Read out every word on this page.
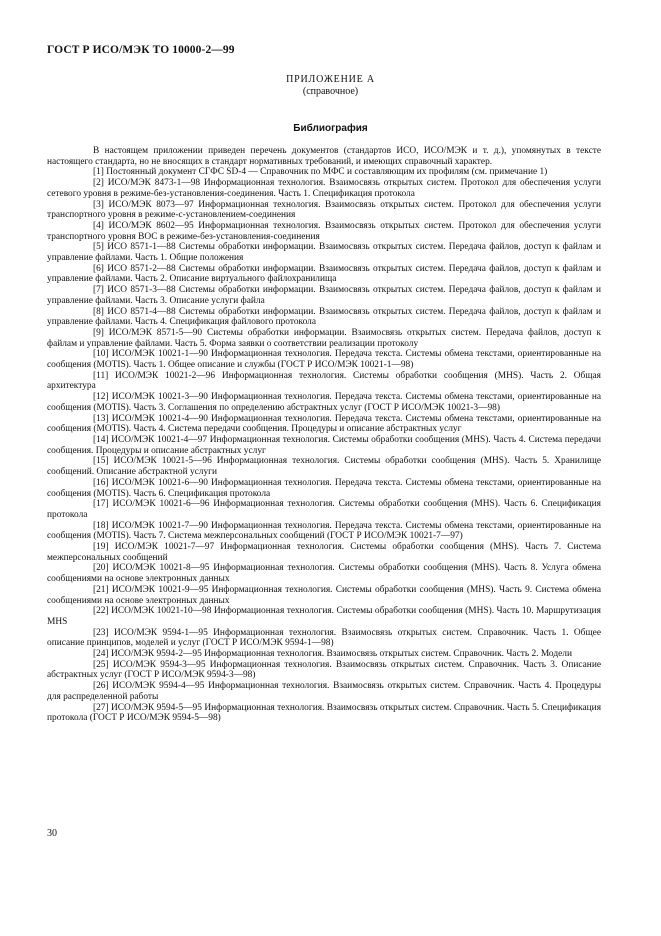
ГОСТ Р ИСО/МЭК ТО 10000-2—99
ПРИЛОЖЕНИЕ А
(справочное)
Библиография

В настоящем приложении приведен перечень документов (стандартов ИСО, ИСО/МЭК и т. д.), упомянутых в тексте настоящего стандарта, но не вносящих в стандарт нормативных требований, и имеющих справочный характер.

[1] Постоянный документ СГФС SD-4 — Справочник по МФС и составляющим их профилям (см. примечание 1)

[2] ИСО/МЭК 8473-1—98 Информационная технология. Взаимосвязь открытых систем. Протокол для обеспечения услуги сетевого уровня в режиме-без-установления-соединения. Часть 1. Спецификация протокола

[3] ИСО/МЭК 8073—97 Информационная технология. Взаимосвязь открытых систем. Протокол для обеспечения услуги транспортного уровня в режиме-с-установлением-соединения

[4] ИСО/МЭК 8602—95 Информационная технология. Взаимосвязь открытых систем. Протокол для обеспечения услуги транспортного уровня ВОС в режиме-без-установления-соединения

[5] ИСО 8571-1—88 Системы обработки информации. Взаимосвязь открытых систем. Передача файлов, доступ к файлам и управление файлами. Часть 1. Общие положения

[6] ИСО 8571-2—88 Системы обработки информации. Взаимосвязь открытых систем. Передача файлов, доступ к файлам и управление файлами. Часть 2. Описание виртуального файлохранилища

[7] ИСО 8571-3—88 Системы обработки информации. Взаимосвязь открытых систем. Передача файлов, доступ к файлам и управление файлами. Часть 3. Описание услуги файла

[8] ИСО 8571-4—88 Системы обработки информации. Взаимосвязь открытых систем. Передача файлов, доступ к файлам и управление файлами. Часть 4. Спецификация файлового протокола

[9] ИСО/МЭК 8571-5—90 Системы обработки информации. Взаимосвязь открытых систем. Передача файлов, доступ к файлам и управление файлами. Часть 5. Форма заявки о соответствии реализации протоколу

[10] ИСО/МЭК 10021-1—90 Информационная технология. Передача текста. Системы обмена текстами, ориентированные на сообщения (MOTIS). Часть 1. Общее описание и службы (ГОСТ Р ИСО/МЭК 10021-1—98)

[11] ИСО/МЭК 10021-2—96 Информационная технология. Системы обработки сообщения (MHS). Часть 2. Общая архитектура

[12] ИСО/МЭК 10021-3—90 Информационная технология. Передача текста. Системы обмена текстами, ориентированные на сообщения (MOTIS). Часть 3. Соглашения по определению абстрактных услуг (ГОСТ Р ИСО/МЭК 10021-3—98)

[13] ИСО/МЭК 10021-4—90 Информационная технология. Передача текста. Системы обмена текстами, ориентированные на сообщения (MOTIS). Часть 4. Система передачи сообщения. Процедуры и описание абстрактных услуг

[14] ИСО/МЭК 10021-4—97 Информационная технология. Системы обработки сообщения (MHS). Часть 4. Система передачи сообщения. Процедуры и описание абстрактных услуг

[15] ИСО/МЭК 10021-5—96 Информационная технология. Системы обработки сообщения (MHS). Часть 5. Хранилище сообщений. Описание абстрактной услуги

[16] ИСО/МЭК 10021-6—90 Информационная технология. Передача текста. Системы обмена текстами, ориентированные на сообщения (MOTIS). Часть 6. Спецификация протокола

[17] ИСО/МЭК 10021-6—96 Информационная технология. Системы обработки сообщения (MHS). Часть 6. Спецификация протокола

[18] ИСО/МЭК 10021-7—90 Информационная технология. Передача текста. Системы обмена текстами, ориентированные на сообщения (MOTIS). Часть 7. Система межперсональных сообщений (ГОСТ Р ИСО/МЭК 10021-7—97)

[19] ИСО/МЭК 10021-7—97 Информационная технология. Системы обработки сообщения (MHS). Часть 7. Система межперсональных сообщений

[20] ИСО/МЭК 10021-8—95 Информационная технология. Системы обработки сообщения (MHS). Часть 8. Услуга обмена сообщениями на основе электронных данных

[21] ИСО/МЭК 10021-9—95 Информационная технология. Системы обработки сообщения (MHS). Часть 9. Система обмена сообщениями на основе электронных данных

[22] ИСО/МЭК 10021-10—98 Информационная технология. Системы обработки сообщения (MHS). Часть 10. Маршрутизация MHS

[23] ИСО/МЭК 9594-1—95 Информационная технология. Взаимосвязь открытых систем. Справочник. Часть 1. Общее описание принципов, моделей и услуг (ГОСТ Р ИСО/МЭК 9594-1—98)

[24] ИСО/МЭК 9594-2—95 Информационная технология. Взаимосвязь открытых систем. Справочник. Часть 2. Модели

[25] ИСО/МЭК 9594-3—95 Информационная технология. Взаимосвязь открытых систем. Справочник. Часть 3. Описание абстрактных услуг (ГОСТ Р ИСО/МЭК 9594-3—98)

[26] ИСО/МЭК 9594-4—95 Информационная технология. Взаимосвязь открытых систем. Справочник. Часть 4. Процедуры для распределенной работы

[27] ИСО/МЭК 9594-5—95 Информационная технология. Взаимосвязь открытых систем. Справочник. Часть 5. Спецификация протокола (ГОСТ Р ИСО/МЭК 9594-5—98)

30
